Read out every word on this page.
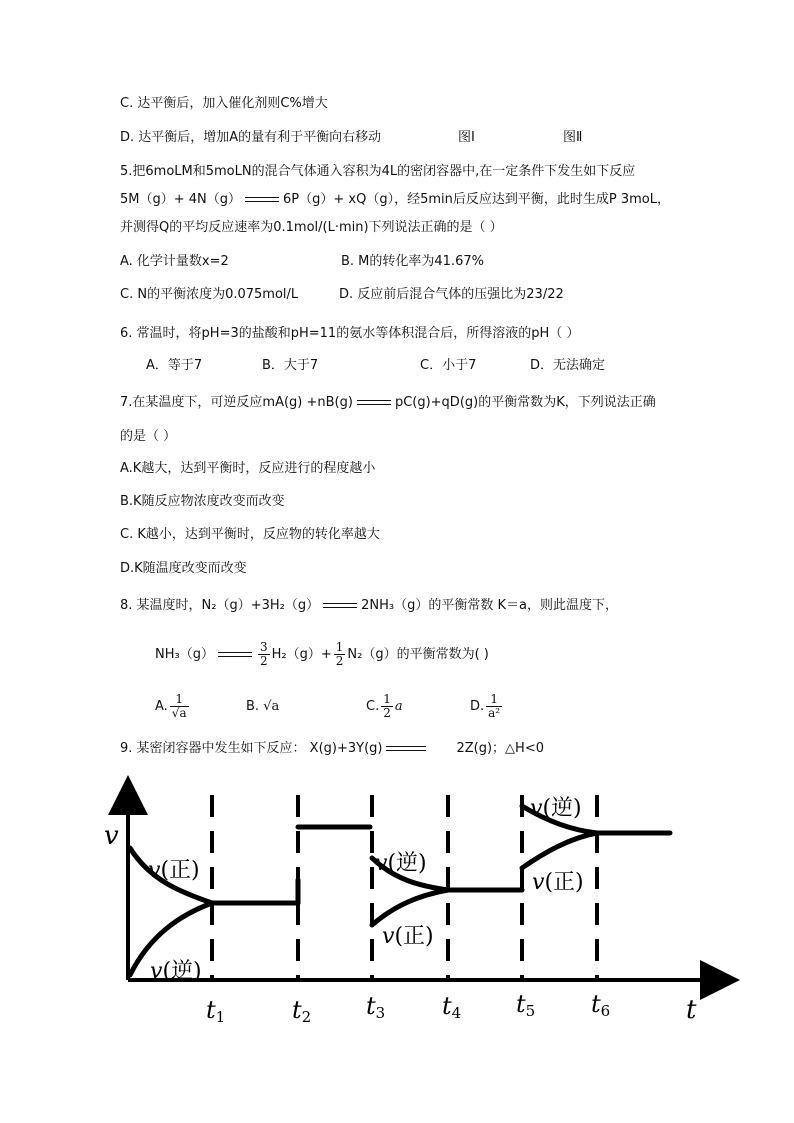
C. 达平衡后，加入催化剂则C%增大
D. 达平衡后，增加A的量有利于平衡向右移动	图Ⅰ	图Ⅱ
5.把6moLM和5moLN的混合气体通入容积为4L的密闭容器中,在一定条件下发生如下反应
5M（g）+ 4N（g）	6P（g）+ xQ（g），经5min后反应达到平衡，此时生成P 3moL，
并测得Q的平均反应速率为0.1mol/(L·min)下列说法正确的是（ ）
A. 化学计量数x=2	B. M的转化率为41.67%
C. N的平衡浓度为0.075mol/L	D. 反应前后混合气体的压强比为23/22
6. 常温时，将pH=3的盐酸和pH=11的氨水等体积混合后，所得溶液的pH（ ）
A．等于7	B．大于7	C．小于7	D．无法确定
7.在某温度下，可逆反应mA(g) +nB(g)	pC(g)+qD(g)的平衡常数为K，下列说法正确
的是（ ）
A.K越大，达到平衡时，反应进行的程度越小
B.K随反应物浓度改变而改变
C. K越小，达到平衡时，反应物的转化率越大
D.K随温度改变而改变
8. 某温度时，N₂（g）+3H₂（g）	2NH₃（g）的平衡常数 K＝a，则此温度下，
NH₃（g）	$\frac{3}{2} H_2(g)+ \frac{1}{2} N_2(g)$的平衡常数为( )
A. $\frac{1}{√a}$	B. √a	C. $\frac{1}{2}$ a	D. $\frac{1}{\text{a²}}$
9. 某密闭容器中发生如下反应： X(g)+3Y(g)	2Z(g)；△H<0
v
t
t1	t2 t3 t4 t5 t6
v(正)
v(逆)
v(逆)
v(正)
v(逆)
v(正)
